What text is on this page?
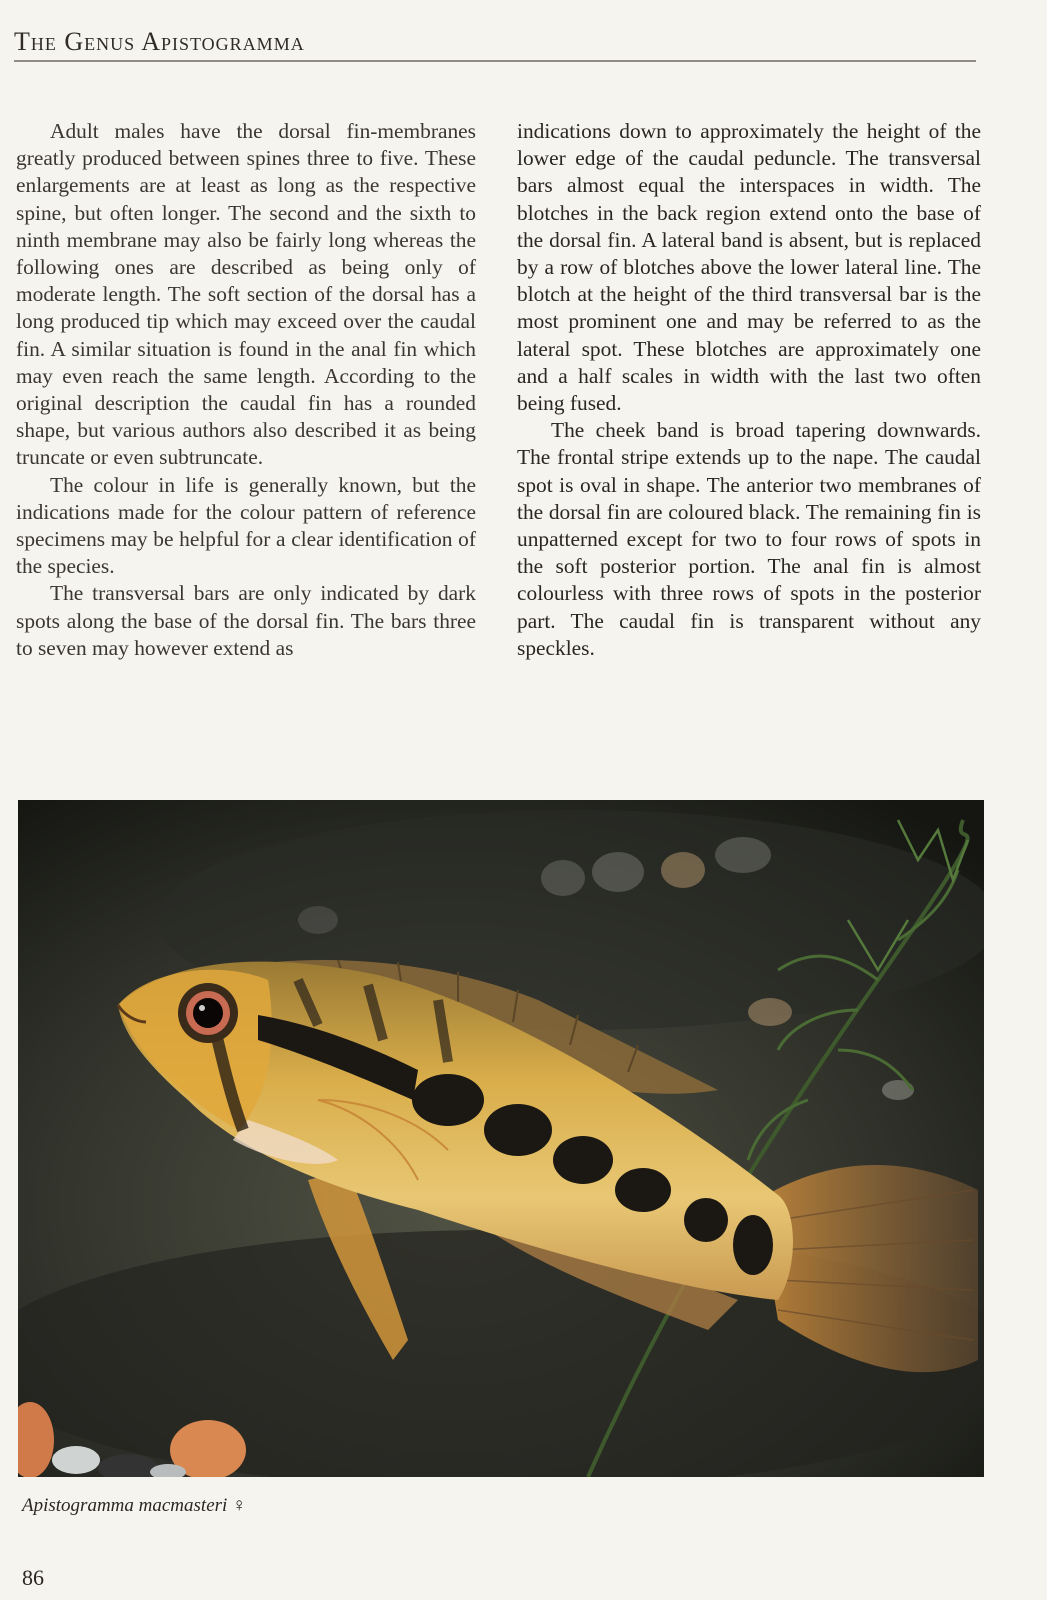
The Genus Apistogramma

Adult males have the dorsal fin-membranes greatly produced between spines three to five. These enlargements are at least as long as the respective spine, but often longer. The second and the sixth to ninth membrane may also be fairly long whereas the following ones are described as being only of moderate length. The soft section of the dorsal has a long produced tip which may exceed over the caudal fin. A similar situation is found in the anal fin which may even reach the same length. According to the original description the caudal fin has a rounded shape, but various authors also described it as being truncate or even subtruncate.

The colour in life is generally known, but the indications made for the colour pattern of reference specimens may be helpful for a clear identification of the species.

The transversal bars are only indicated by dark spots along the base of the dorsal fin. The bars three to seven may however extend as

indications down to approximately the height of the lower edge of the caudal peduncle. The transversal bars almost equal the interspaces in width. The blotches in the back region extend onto the base of the dorsal fin. A lateral band is absent, but is replaced by a row of blotches above the lower lateral line. The blotch at the height of the third transversal bar is the most prominent one and may be referred to as the lateral spot. These blotches are approximately one and a half scales in width with the last two often being fused.

The cheek band is broad tapering downwards. The frontal stripe extends up to the nape. The caudal spot is oval in shape. The anterior two membranes of the dorsal fin are coloured black. The remaining fin is unpatterned except for two to four rows of spots in the soft posterior portion. The anal fin is almost colourless with three rows of spots in the posterior part. The caudal fin is transparent without any speckles.

Apistogramma macmasteri ♀
86
